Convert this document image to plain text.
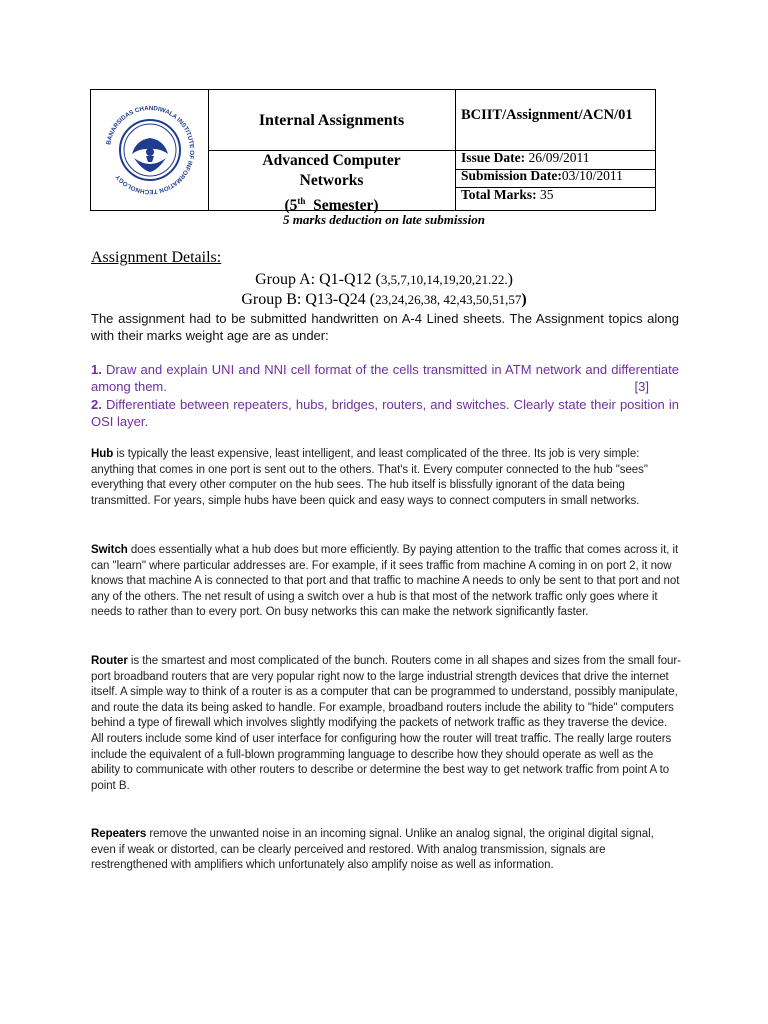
BANARSIDAS CHANDIWALA INSTITUTE OF INFORMATION TECHNOLOGY
Internal Assignments	BCIIT/Assignment/ACN/01
Advanced Computer
Networks
(5th Semester)
Issue Date: 26/09/2011
Submission Date:03/10/2011
Total Marks: 35
5 marks deduction on late submission
Assignment Details:
Group A: Q1-Q12 (3,5,7,10,14,19,20,21.22.)
Group B: Q13-Q24 (23,24,26,38, 42,43,50,51,57)
The assignment had to be submitted handwritten on A-4 Lined sheets. The Assignment topics along with their marks weight age are as under:
1. Draw and explain UNI and NNI cell format of the cells transmitted in ATM network and differentiate among them.	[3]
2. Differentiate between repeaters, hubs, bridges, routers, and switches. Clearly state their position in OSI layer.
Hub is typically the least expensive, least intelligent, and least complicated of the three. Its job is very simple: anything that comes in one port is sent out to the others. That's it. Every computer connected to the hub "sees" everything that every other computer on the hub sees. The hub itself is blissfully ignorant of the data being transmitted. For years, simple hubs have been quick and easy ways to connect computers in small networks.
Switch does essentially what a hub does but more efficiently. By paying attention to the traffic that comes across it, it can "learn" where particular addresses are. For example, if it sees traffic from machine A coming in on port 2, it now knows that machine A is connected to that port and that traffic to machine A needs to only be sent to that port and not any of the others. The net result of using a switch over a hub is that most of the network traffic only goes where it needs to rather than to every port. On busy networks this can make the network significantly faster.
Router is the smartest and most complicated of the bunch. Routers come in all shapes and sizes from the small four-port broadband routers that are very popular right now to the large industrial strength devices that drive the internet itself. A simple way to think of a router is as a computer that can be programmed to understand, possibly manipulate, and route the data its being asked to handle. For example, broadband routers include the ability to "hide" computers behind a type of firewall which involves slightly modifying the packets of network traffic as they traverse the device. All routers include some kind of user interface for configuring how the router will treat traffic. The really large routers include the equivalent of a full-blown programming language to describe how they should operate as well as the ability to communicate with other routers to describe or determine the best way to get network traffic from point A to point B.
Repeaters remove the unwanted noise in an incoming signal. Unlike an analog signal, the original digital signal, even if weak or distorted, can be clearly perceived and restored. With analog transmission, signals are restrengthened with amplifiers which unfortunately also amplify noise as well as information.
